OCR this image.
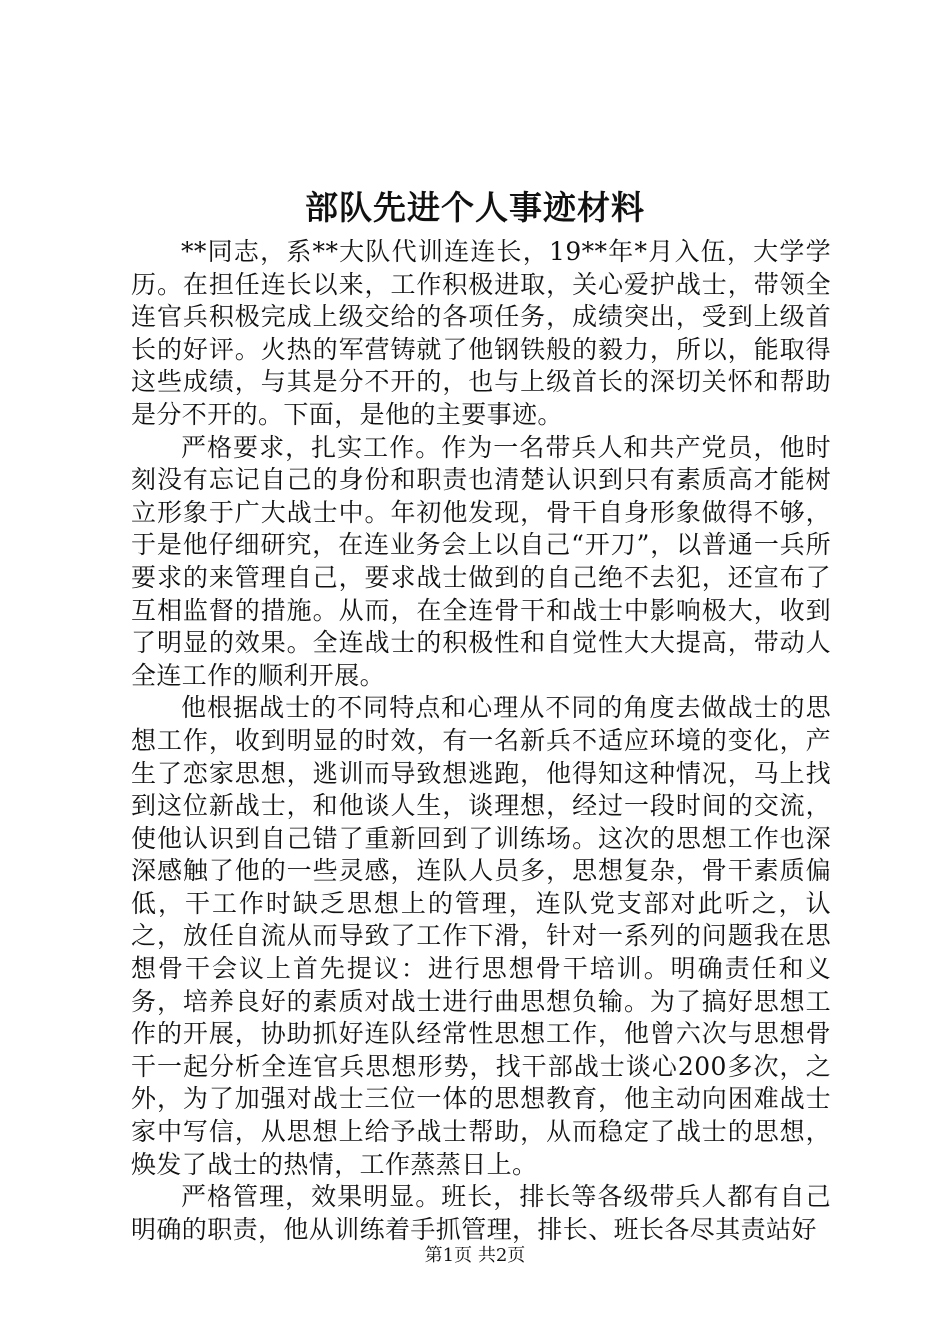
部队先进个人事迹材料

**同志，系**大队代训连连长，19**年*月入伍，大学学历。在担任连长以来，工作积极进取，关心爱护战士，带领全连官兵积极完成上级交给的各项任务，成绩突出，受到上级首长的好评。火热的军营铸就了他钢铁般的毅力，所以，能取得这些成绩，与其是分不开的，也与上级首长的深切关怀和帮助是分不开的。下面，是他的主要事迹。

严格要求，扎实工作。作为一名带兵人和共产党员，他时刻没有忘记自己的身份和职责也清楚认识到只有素质高才能树立形象于广大战士中。年初他发现，骨干自身形象做得不够，于是他仔细研究，在连业务会上以自己“开刀”，以普通一兵所要求的来管理自己，要求战士做到的自己绝不去犯，还宣布了互相监督的措施。从而，在全连骨干和战士中影响极大，收到了明显的效果。全连战士的积极性和自觉性大大提高，带动人全连工作的顺利开展。

他根据战士的不同特点和心理从不同的角度去做战士的思想工作，收到明显的时效，有一名新兵不适应环境的变化，产生了恋家思想，逃训而导致想逃跑，他得知这种情况，马上找到这位新战士，和他谈人生，谈理想，经过一段时间的交流，使他认识到自己错了重新回到了训练场。这次的思想工作也深深感触了他的一些灵感，连队人员多，思想复杂，骨干素质偏低，干工作时缺乏思想上的管理，连队党支部对此听之，认之，放任自流从而导致了工作下滑，针对一系列的问题我在思想骨干会议上首先提议：进行思想骨干培训。明确责任和义务，培养良好的素质对战士进行曲思想负输。为了搞好思想工作的开展，协助抓好连队经常性思想工作，他曾六次与思想骨干一起分析全连官兵思想形势，找干部战士谈心200多次，之外，为了加强对战士三位一体的思想教育，他主动向困难战士家中写信，从思想上给予战士帮助，从而稳定了战士的思想，焕发了战士的热情，工作蒸蒸日上。

严格管理，效果明显。班长，排长等各级带兵人都有自己明确的职责，他从训练着手抓管理，排长、班长各尽其责站好

第1页 共2页
